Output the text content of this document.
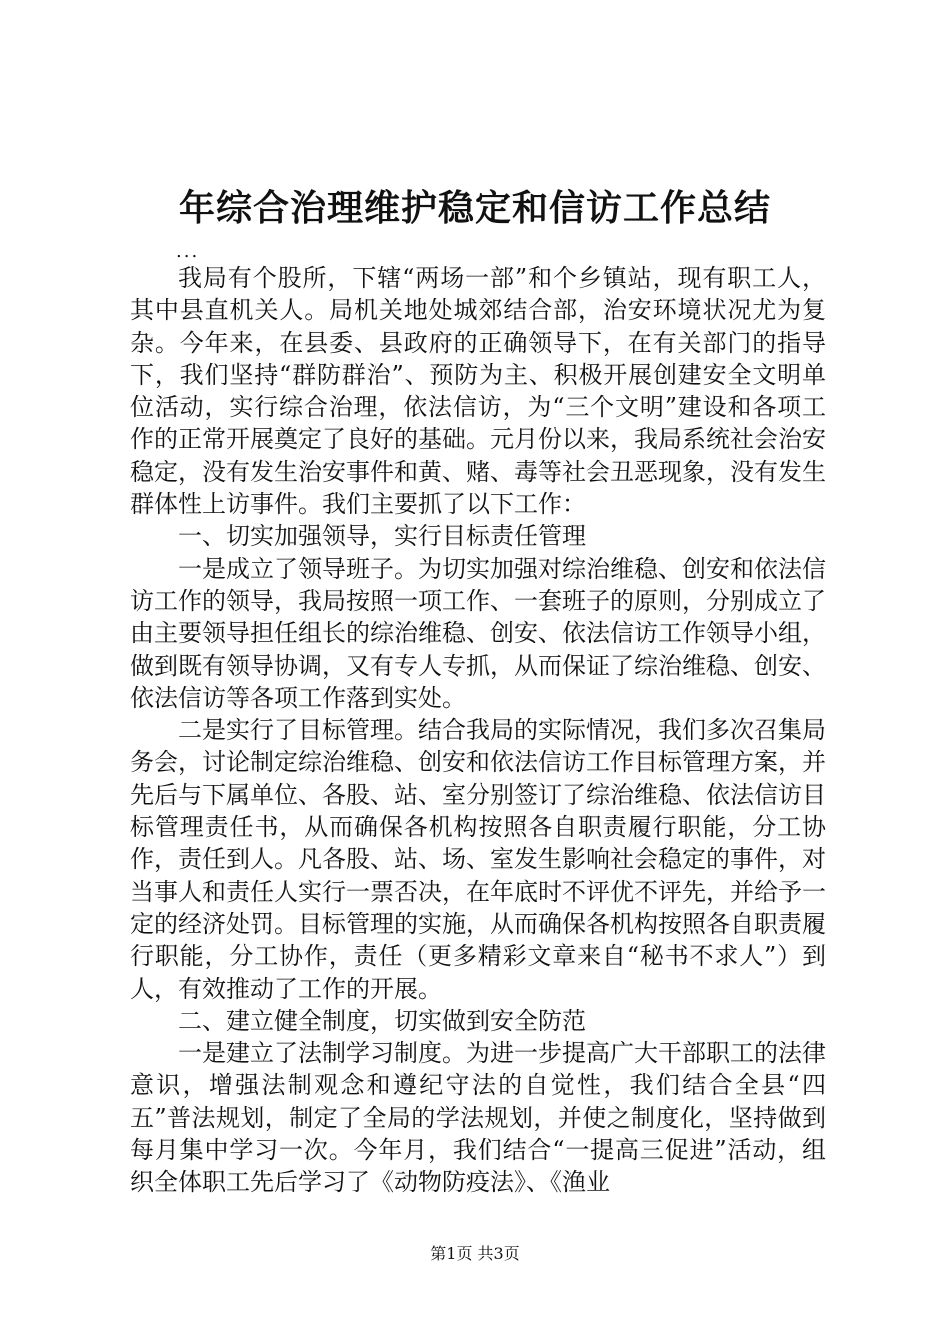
年综合治理维护稳定和信访工作总结
...

我局有个股所，下辖“两场一部”和个乡镇站，现有职工人，其中县直机关人。局机关地处城郊结合部，治安环境状况尤为复杂。今年来，在县委、县政府的正确领导下，在有关部门的指导下，我们坚持“群防群治”、预防为主、积极开展创建安全文明单位活动，实行综合治理，依法信访，为“三个文明”建设和各项工作的正常开展奠定了良好的基础。元月份以来，我局系统社会治安稳定，没有发生治安事件和黄、赌、毒等社会丑恶现象，没有发生群体性上访事件。我们主要抓了以下工作：

一、切实加强领导，实行目标责任管理

一是成立了领导班子。为切实加强对综治维稳、创安和依法信访工作的领导，我局按照一项工作、一套班子的原则，分别成立了由主要领导担任组长的综治维稳、创安、依法信访工作领导小组，做到既有领导协调，又有专人专抓，从而保证了综治维稳、创安、依法信访等各项工作落到实处。

二是实行了目标管理。结合我局的实际情况，我们多次召集局务会，讨论制定综治维稳、创安和依法信访工作目标管理方案，并先后与下属单位、各股、站、室分别签订了综治维稳、依法信访目标管理责任书，从而确保各机构按照各自职责履行职能，分工协作，责任到人。凡各股、站、场、室发生影响社会稳定的事件，对当事人和责任人实行一票否决，在年底时不评优不评先，并给予一定的经济处罚。目标管理的实施，从而确保各机构按照各自职责履行职能，分工协作，责任（更多精彩文章来自“秘书不求人”）到人，有效推动了工作的开展。

二、建立健全制度，切实做到安全防范

一是建立了法制学习制度。为进一步提高广大干部职工的法律意识，增强法制观念和遵纪守法的自觉性，我们结合全县“四五”普法规划，制定了全局的学法规划，并使之制度化，坚持做到每月集中学习一次。今年月，我们结合“一提高三促进”活动，组织全体职工先后学习了《动物防疫法》、《渔业

第1页 共3页
